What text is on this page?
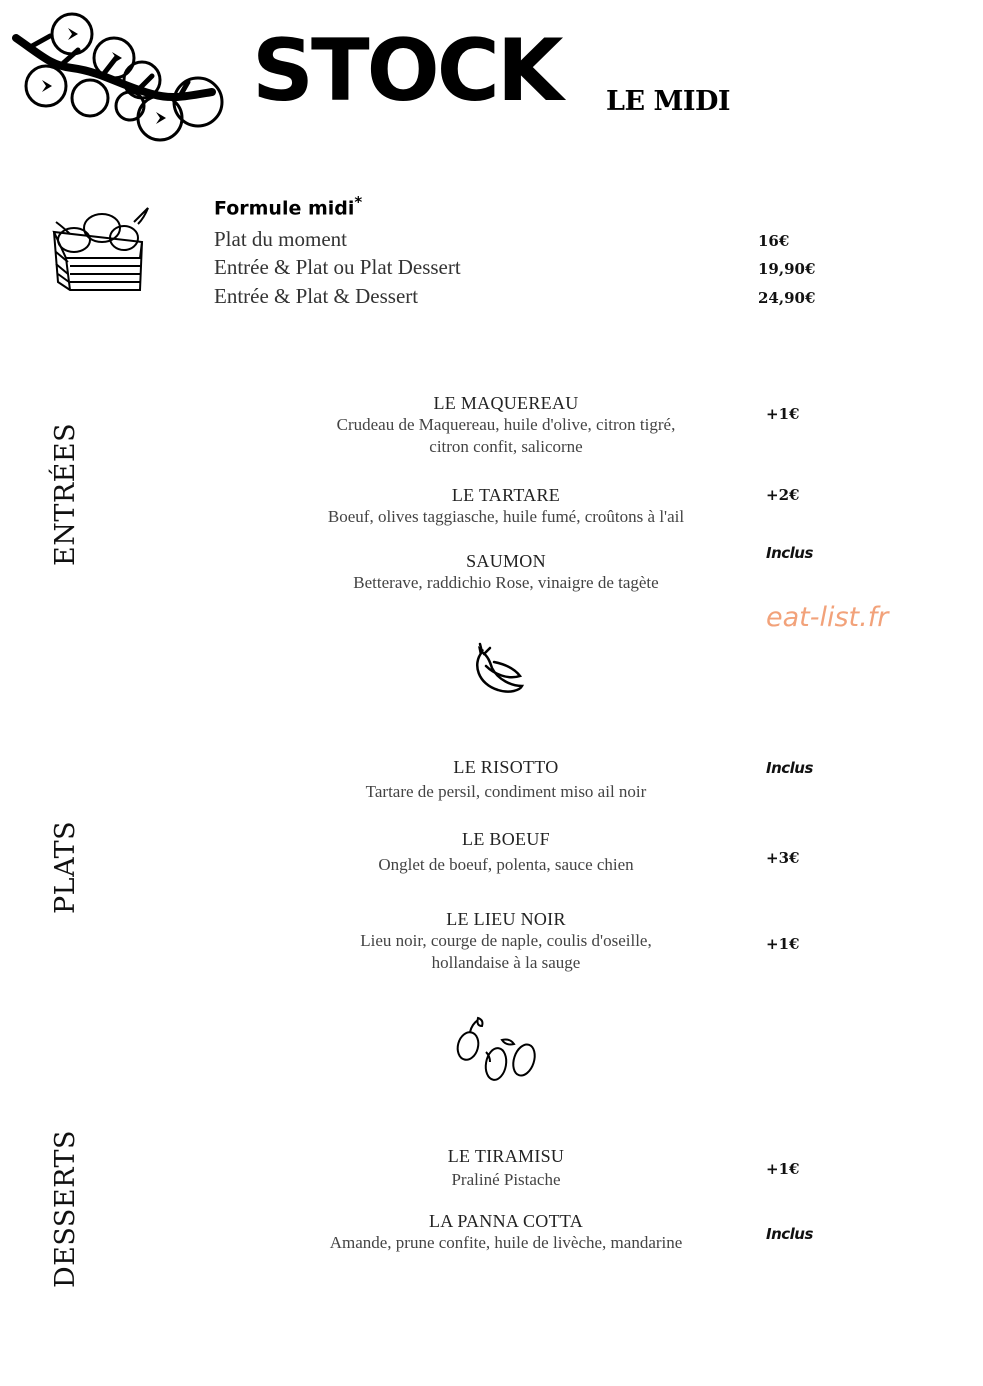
STOCK LE MIDI
Formule midi*
Plat du moment	16€
Entrée & Plat ou Plat Dessert	19,90€
Entrée & Plat & Dessert	24,90€
ENTRÉES
PLATS
DESSERTS
LE MAQUEREAU
Crudeau de Maquereau, huile d'olive, citron tigré,
citron confit, salicorne
+1€
LE TARTARE
Boeuf, olives taggiasche, huile fumé, croûtons à l'ail
+2€
SAUMON
Betterave, raddichio Rose, vinaigre de tagète
Inclus
eat-list.fr
LE RISOTTO
Tartare de persil, condiment miso ail noir
Inclus
LE BOEUF
Onglet de boeuf, polenta, sauce chien	+3€
LE LIEU NOIR
Lieu noir, courge de naple, coulis d'oseille,
hollandaise à la sauge
+1€
LE TIRAMISU
Praliné Pistache
+1€
LA PANNA COTTA
Amande, prune confite, huile de livèche, mandarine	Inclus
